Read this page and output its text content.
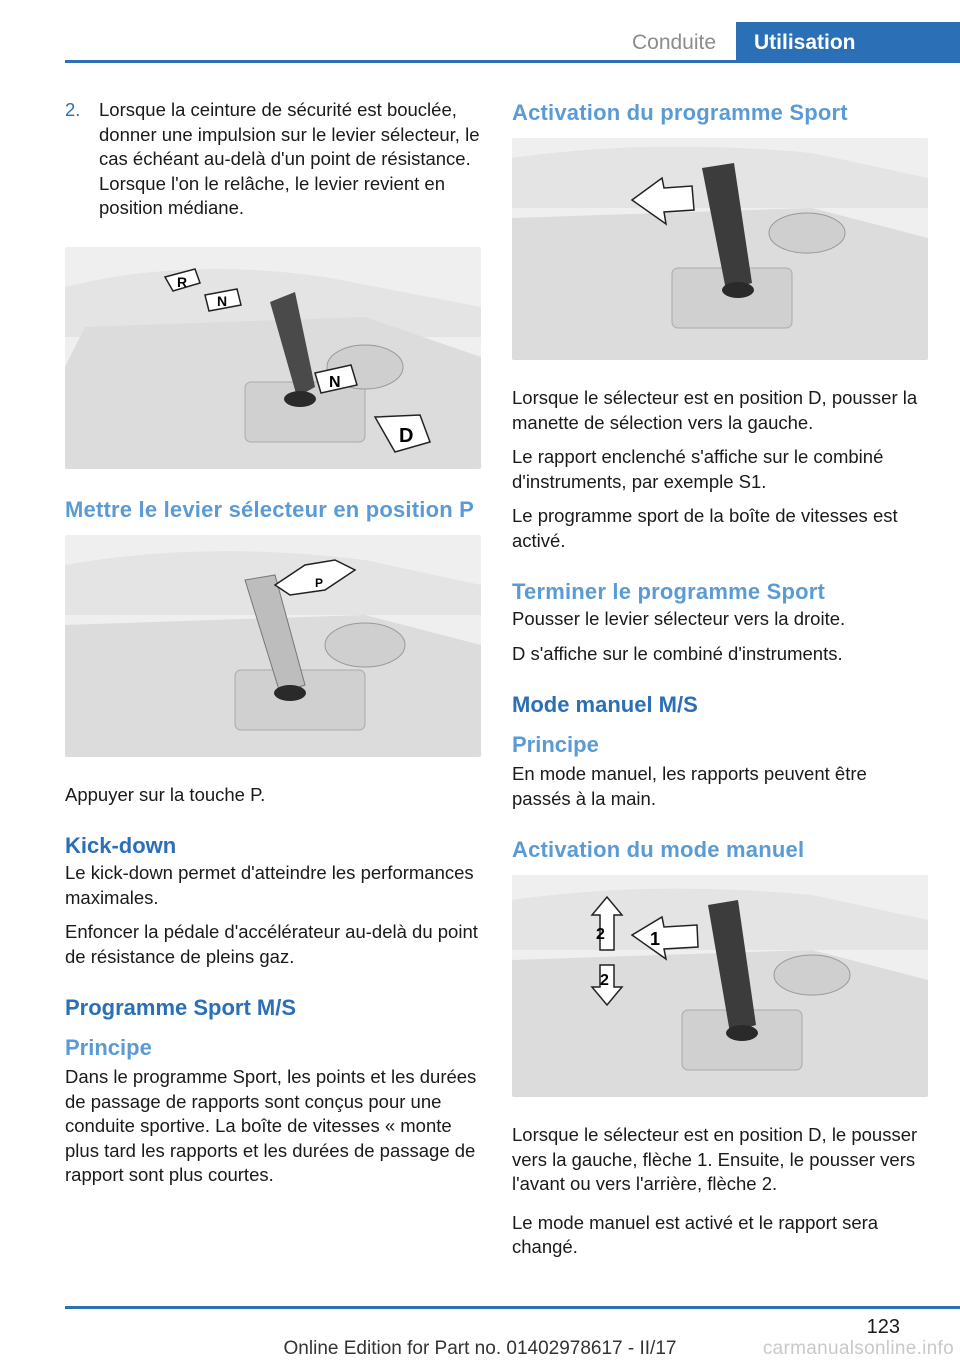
Conduite	Utilisation
2. Lorsque la ceinture de sécurité est bouclée, donner une impulsion sur le levier sélecteur, le cas échéant au-delà d'un point de résistance. Lorsque l'on le relâche, le levier revient en position médiane.
R
N
N
D
Mettre le levier sélecteur en position P
P

Appuyer sur la touche P.

Kick-down

Le kick-down permet d'atteindre les performances maximales.

Enfoncer la pédale d'accélérateur au-delà du point de résistance de pleins gaz.

Programme Sport M/S
Principe

Dans le programme Sport, les points et les durées de passage de rapports sont conçus pour une conduite sportive. La boîte de vitesses « monte plus tard les rapports et les durées de passage de rapport sont plus courtes.

Activation du programme Sport

Lorsque le sélecteur est en position D, pousser la manette de sélection vers la gauche.

Le rapport enclenché s'affiche sur le combiné d'instruments, par exemple S1.

Le programme sport de la boîte de vitesses est activé.

Terminer le programme Sport

Pousser le levier sélecteur vers la droite.

D s'affiche sur le combiné d'instruments.

Mode manuel M/S
Principe

En mode manuel, les rapports peuvent être passés à la main.

Activation du mode manuel
1
2
2

Lorsque le sélecteur est en position D, le pousser vers la gauche, flèche 1. Ensuite, le pousser vers l'avant ou vers l'arrière, flèche 2.

Le mode manuel est activé et le rapport sera changé.

123
Online Edition for Part no. 01402978617 - II/17	carmanualsonline.info
